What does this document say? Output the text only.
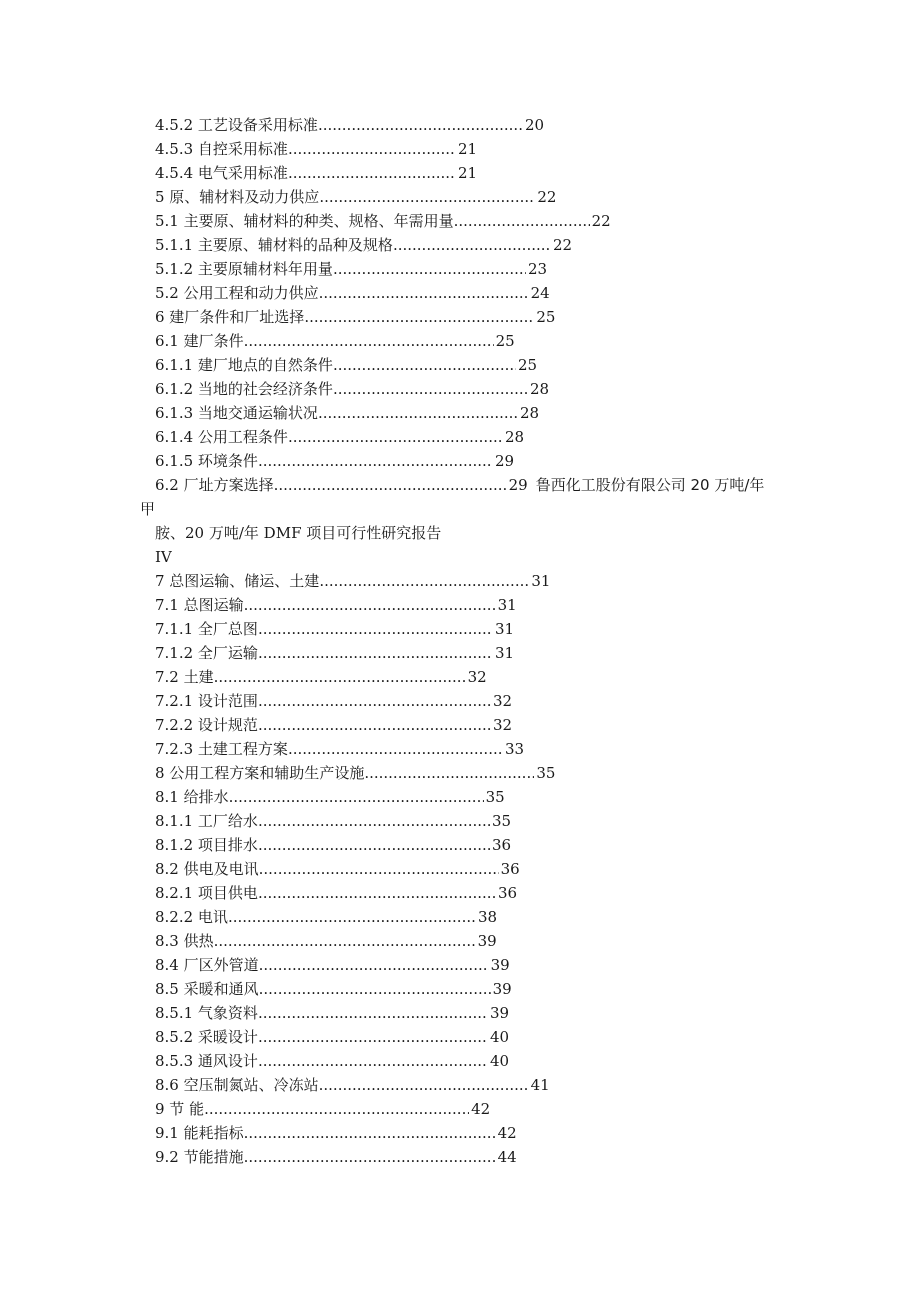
4.5.2 工艺设备采用标准 .....	20
4.5.3 自控采用标准 .....	21
4.5.4 电气采用标准 .....	21
5 原、辅材料及动力供应 .....	22
5.1 主要原、辅材料的种类、规格、年需用量 .....	22
5.1.1 主要原、辅材料的品种及规格 .....	22
5.1.2 主要原辅材料年用量 .....	23
5.2 公用工程和动力供应 .....	24
6 建厂条件和厂址选择 .....	25
6.1 建厂条件 .....	25
6.1.1 建厂地点的自然条件 .....	25
6.1.2 当地的社会经济条件 .....	28
6.1.3 当地交通运输状况 .....	28
6.1.4 公用工程条件 .....	28
6.1.5 环境条件 .....	29
6.2 厂址方案选择 .....	29 鲁西化工股份有限公司 20 万吨/年
7 总图运输、储运、土建 .....	31
7.1 总图运输 .....	31
7.1.1 全厂总图 .....	31
7.1.2 全厂运输 .....	31
7.2 土建 .....	32
7.2.1 设计范围 .....	32
7.2.2 设计规范 .....	32
7.2.3 土建工程方案 .....	33
8 公用工程方案和辅助生产设施 .....	35
8.1 给排水 .....	35
8.1.1 工厂给水 .....	35
8.1.2 项目排水 .....	36
8.2 供电及电讯 .....	36
8.2.1 项目供电 .....	36
8.2.2 电讯 .....	38
8.3 供热 .....	39
8.4 厂区外管道 .....	39
8.5 采暖和通风 .....	39
8.5.1 气象资料 .....	39
8.5.2 采暖设计 .....	40
8.5.3 通风设计 .....	40
8.6 空压制氮站、冷冻站 .....	41
9 节 能 .....	42
9.1 能耗指标 .....	42
9.2 节能措施 .....	44
甲
胺、20 万吨/年 DMF 项目可行性研究报告
IV
